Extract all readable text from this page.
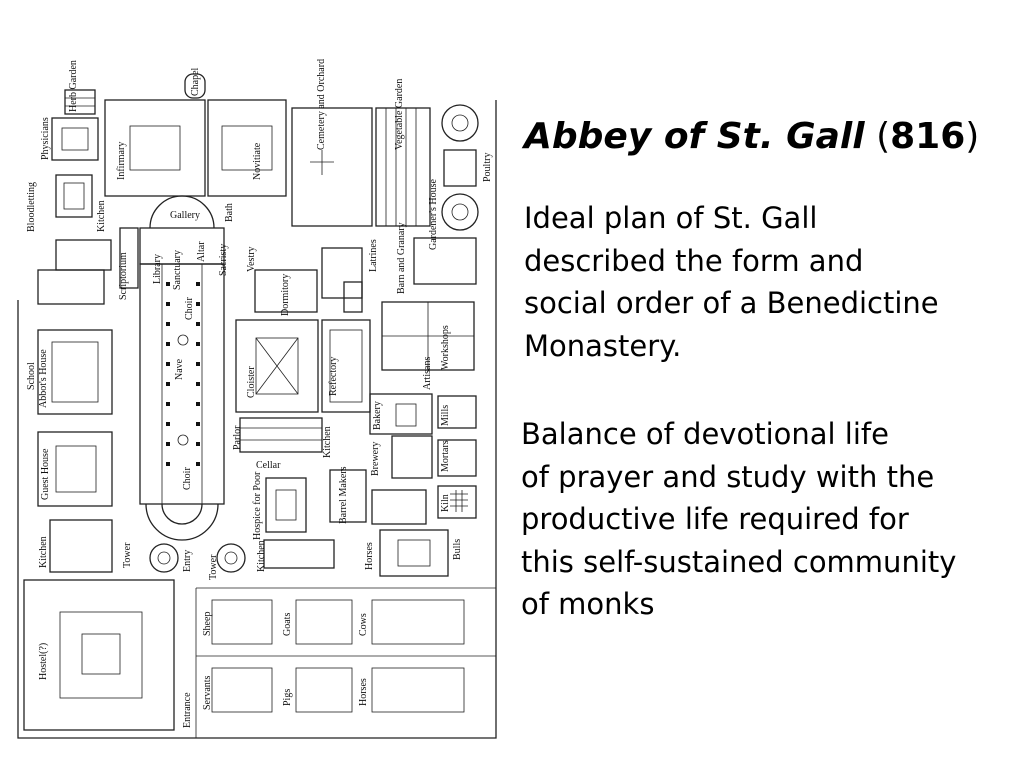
Herb Garden	Chapel	Cemetery and Orchard	Vegetable Garden
Physicians
Infirmary	Novitiate	Poultry
Bloodletting	Kitchen	Bath
Gallery	Gardener's House
Scriptorium Library Sanctuary Altar Sacristy Vestry	Latrines Barn and Granary
Choir	Dormitory
Workshops
Artisans
School Abbot's House	Nave	Cloister	Refectory
Mills
Parlor
Bakery
Kitchen
Guest House	Brewery	Mortars
Choir
Cellar
Kiln
Hospice for Poor	Barrel Makers
Horses	Bulls
Kitchen	Kitchen
Tower	Entry Tower
Hostel(?)
Sheep	Goats	Cows
Servants	Pigs	Horses
Entrance
Abbey of St. Gall (816)

Ideal plan of St. Gall
described the form and
social order of a Benedictine
Monastery.

Balance of devotional life
of prayer and study with the
productive life required for
this self-sustained community
of monks
